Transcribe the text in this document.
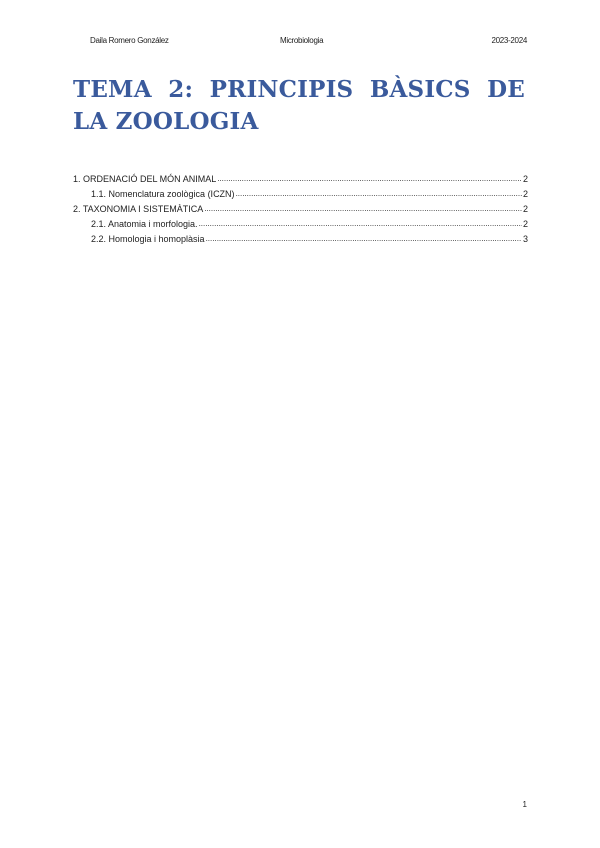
Daila Romero González	Microbiologia	2023-2024
TEMA 2: PRINCIPIS BÀSICS DE LA ZOOLOGIA
1. ORDENACIÓ DEL MÓN ANIMAL .....	2
1.1. Nomenclatura zoològica (ICZN) .....	2
2. TAXONOMIA I SISTEMÀTICA .....	2
2.1. Anatomia i morfologia. .....	2
2.2. Homologia i homoplàsia .....	3
1
